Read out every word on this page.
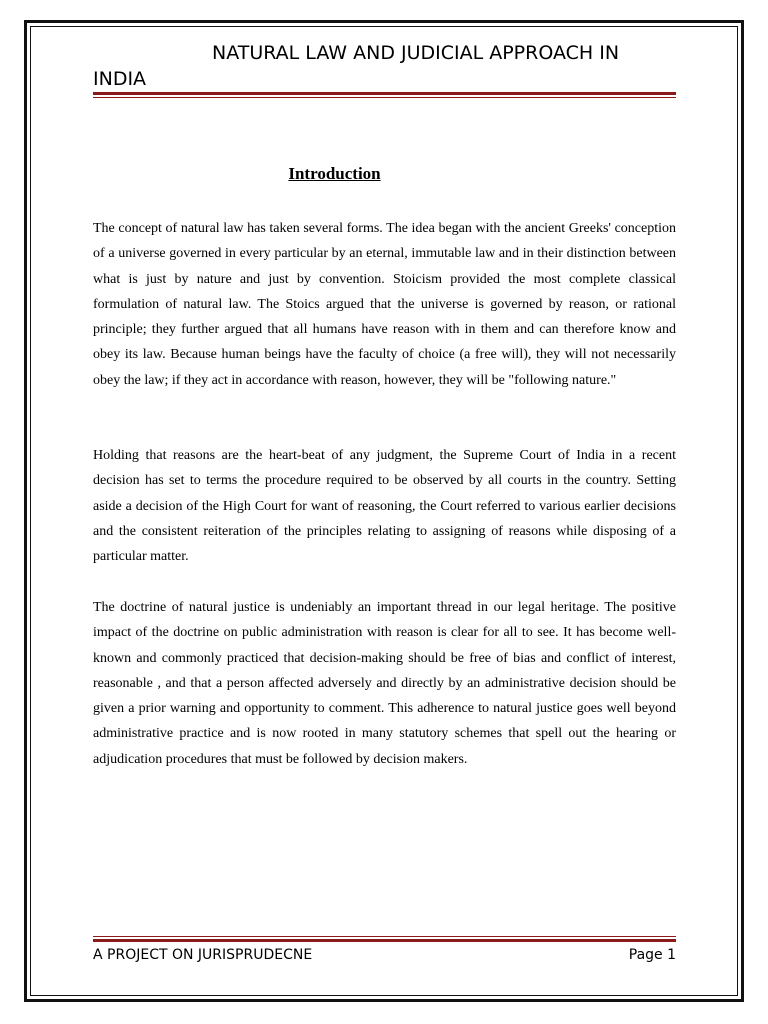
NATURAL LAW AND JUDICIAL APPROACH IN INDIA
Introduction

The concept of natural law has taken several forms. The idea began with the ancient Greeks' conception of a universe governed in every particular by an eternal, immutable law and in their distinction between what is just by nature and just by convention. Stoicism provided the most complete classical formulation of natural law. The Stoics argued that the universe is governed by reason, or rational principle; they further argued that all humans have reason with in them and can therefore know and obey its law. Because human beings have the faculty of choice (a free will), they will not necessarily obey the law; if they act in accordance with reason, however, they will be "following nature."

Holding that reasons are the heart-beat of any judgment, the Supreme Court of India in a recent decision has set to terms the procedure required to be observed by all courts in the country. Setting aside a decision of the High Court for want of reasoning, the Court referred to various earlier decisions and the consistent reiteration of the principles relating to assigning of reasons while disposing of a particular matter.

The doctrine of natural justice is undeniably an important thread in our legal heritage. The positive impact of the doctrine on public administration with reason is clear for all to see. It has become well-known and commonly practiced that decision-making should be free of bias and conflict of interest, reasonable , and that a person affected adversely and directly by an administrative decision should be given a prior warning and opportunity to comment. This adherence to natural justice goes well beyond administrative practice and is now rooted in many statutory schemes that spell out the hearing or adjudication procedures that must be followed by decision makers.

A PROJECT ON JURISPRUDECNE	Page 1
